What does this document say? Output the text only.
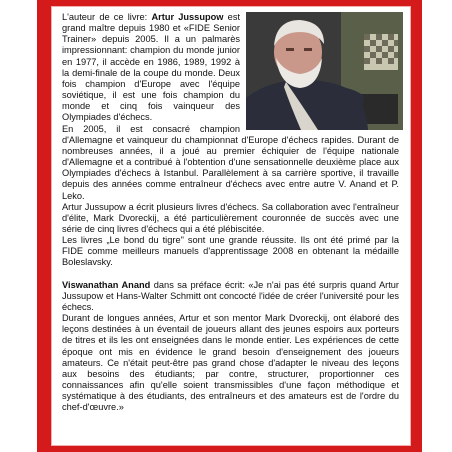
L'auteur de ce livre: Artur Jussupow est grand maître depuis 1980 et «FIDE Senior Trainer» depuis 2005. Il a un palmarès impressionnant: champion du monde junior en 1977, il accède en 1986, 1989, 1992 à la demi-finale de la coupe du monde. Deux fois champion d'Europe avec l'équipe soviétique, il est une fois champion du monde et cinq fois vainqueur des Olympiades d'échecs.

En 2005, il est consacré champion d'Allemagne et vainqueur du championnat d'Europe d'échecs rapides. Durant de nombreuses années, il a joué au premier échiquier de l'équipe nationale d'Allemagne et a contribué à l'obtention d'une sensationnelle deuxième place aux Olympiades d'échecs à Istanbul. Parallèlement à sa carrière sportive, il travaille depuis des années comme entraîneur d'échecs avec entre autre V. Anand et P. Leko.

Artur Jussupow a écrit plusieurs livres d'échecs. Sa collaboration avec l'entraîneur d'élite, Mark Dvoreckij, a été particulièrement couronnée de succès avec une série de cinq livres d'échecs qui a été plébiscitée.

Les livres „Le bond du tigre" sont une grande réussite. Ils ont été primé par la FIDE comme meilleurs manuels d'apprentissage 2008 en obtenant la médaille Boleslavsky.

Viswanathan Anand dans sa préface écrit: «Je n'ai pas été surpris quand Artur Jussupow et Hans-Walter Schmitt ont concocté l'idée de créer l'université pour les échecs.

Durant de longues années, Artur et son mentor Mark Dvoreckij, ont élaboré des leçons destinées à un éventail de joueurs allant des jeunes espoirs aux porteurs de titres et ils les ont enseignées dans le monde entier. Les expériences de cette époque ont mis en évidence le grand besoin d'enseignement des joueurs amateurs. Ce n'était peut-être pas grand chose d'adapter le niveau des leçons aux besoins des étudiants; par contre, structurer, proportionner ces connaissances afin qu'elle soient transmissibles d'une façon méthodique et systématique à des étudiants, des entraîneurs et des amateurs est de l'ordre du chef-d'œuvre.»
